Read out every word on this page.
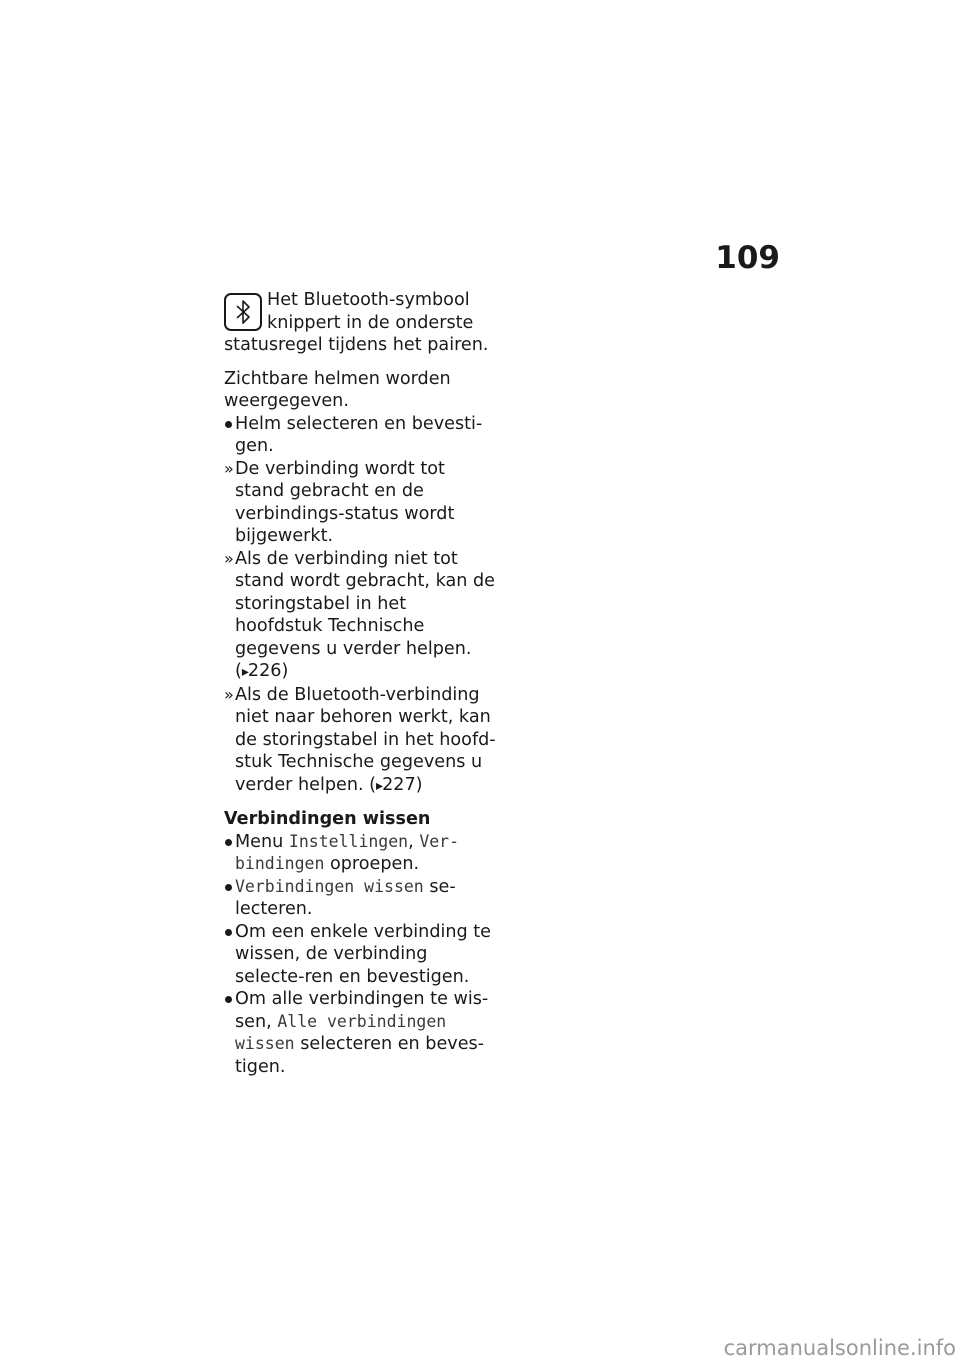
109

Het Bluetooth-symbool

knippert in de onderste

statusregel tijdens het pairen.

Zichtbare helmen worden weergegeven.

Helm selecteren en bevesti-gen.
» De verbinding wordt tot stand gebracht en de verbindings-status wordt bijgewerkt.
» Als de verbinding niet tot stand wordt gebracht, kan de storingstabel in het hoofdstuk Technische gegevens u verder helpen. (▸226)
» Als de Bluetooth-verbinding niet naar behoren werkt, kan de storingstabel in het hoofd-stuk Technische gegevens u verder helpen. (▸227)
Verbindingen wissen
Menu Instellingen, Ver-bindingen oproepen.
Verbindingen wissen se-lecteren.
Om een enkele verbinding te wissen, de verbinding selecte-ren en bevestigen.
Om alle verbindingen te wis-sen, Alle verbindingen wissen selecteren en beves-tigen.
carmanualsonline.info
